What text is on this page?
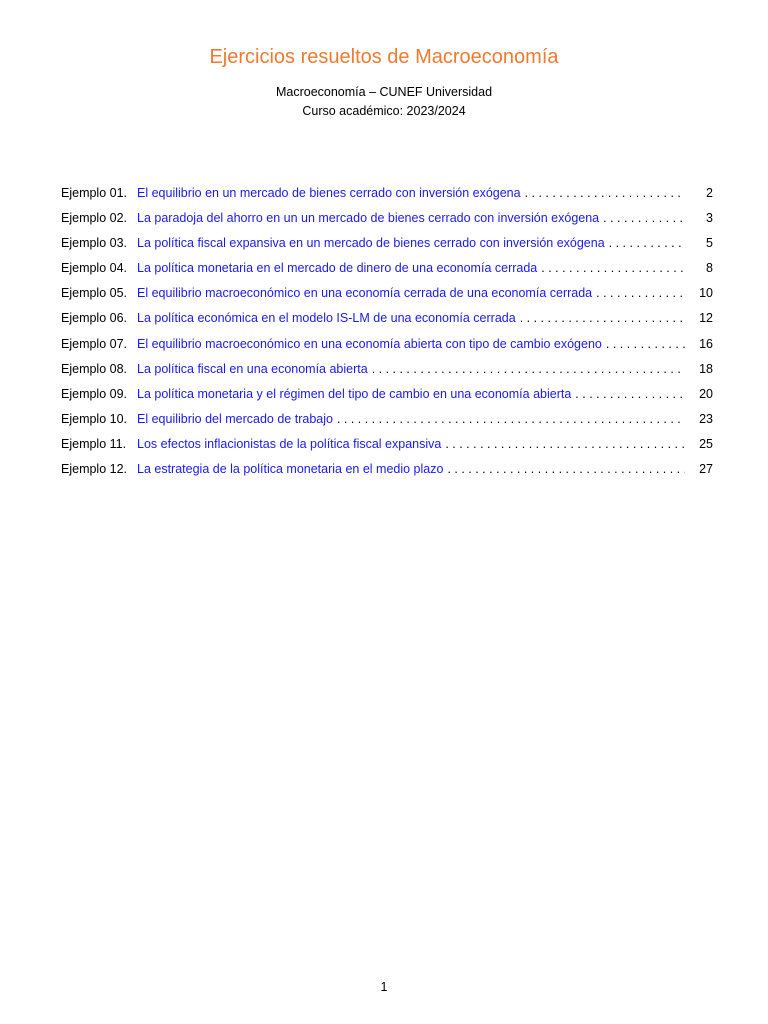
Ejercicios resueltos de Macroeconomía
Macroeconomía – CUNEF Universidad
Curso académico: 2023/2024
Ejemplo 01. El equilibrio en un mercado de bienes cerrado con inversión exógena . . .	2
Ejemplo 02. La paradoja del ahorro en un un mercado de bienes cerrado con inversión exógena . . .	3
Ejemplo 03. La política fiscal expansiva en un mercado de bienes cerrado con inversión exógena . . .	5
Ejemplo 04. La política monetaria en el mercado de dinero de una economía cerrada . . .	8
Ejemplo 05. El equilibrio macroeconómico en una economía cerrada de una economía cerrada . . .	10
Ejemplo 06. La política económica en el modelo IS-LM de una economía cerrada . . .	12
Ejemplo 07. El equilibrio macroeconómico en una economía abierta con tipo de cambio exógeno . . .	16
Ejemplo 08. La política fiscal en una economía abierta . . .	18
Ejemplo 09. La política monetaria y el régimen del tipo de cambio en una economía abierta . . .	20
Ejemplo 10. El equilibrio del mercado de trabajo . . .	23
Ejemplo 11. Los efectos inflacionistas de la política fiscal expansiva . . .	25
Ejemplo 12. La estrategia de la política monetaria en el medio plazo . . .	27
1
